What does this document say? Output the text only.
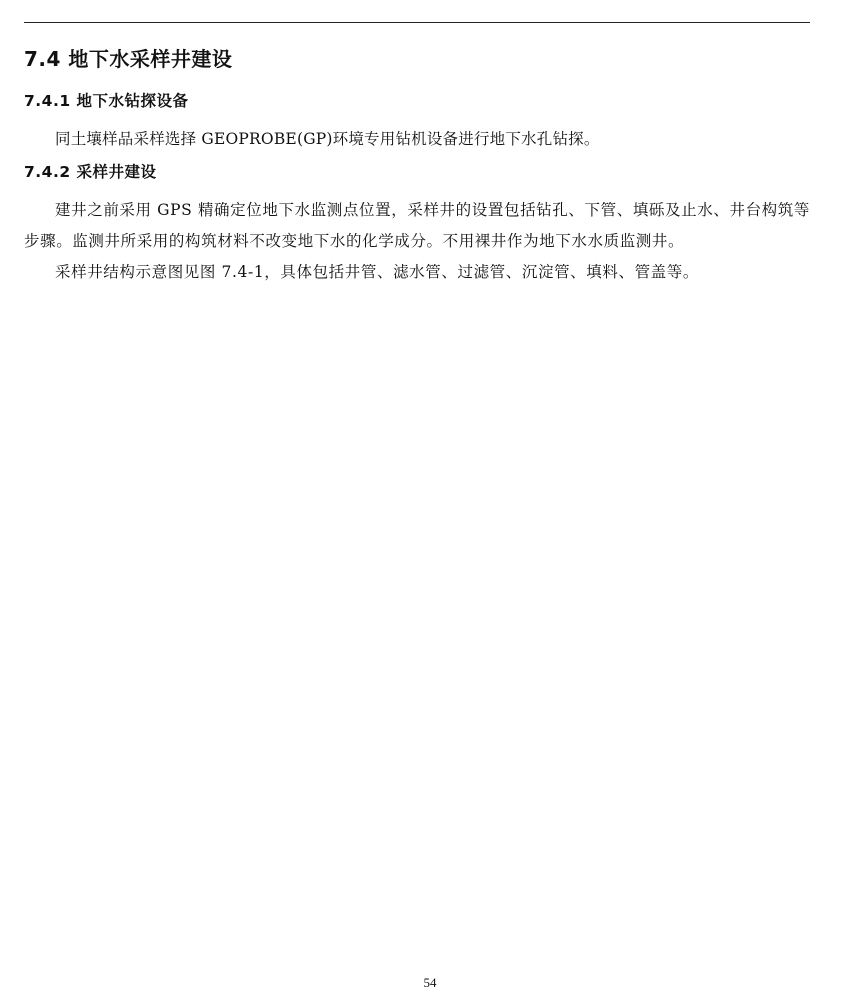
7.4 地下水采样井建设
7.4.1 地下水钻探设备

同土壤样品采样选择 GEOPROBE(GP)环境专用钻机设备进行地下水孔钻探。

7.4.2 采样井建设

建井之前采用 GPS 精确定位地下水监测点位置，采样井的设置包括钻孔、下管、填砾及止水、井台构筑等步骤。监测井所采用的构筑材料不改变地下水的化学成分。不用裸井作为地下水水质监测井。

采样井结构示意图见图 7.4-1，具体包括井管、滤水管、过滤管、沉淀管、填料、管盖等。

54
